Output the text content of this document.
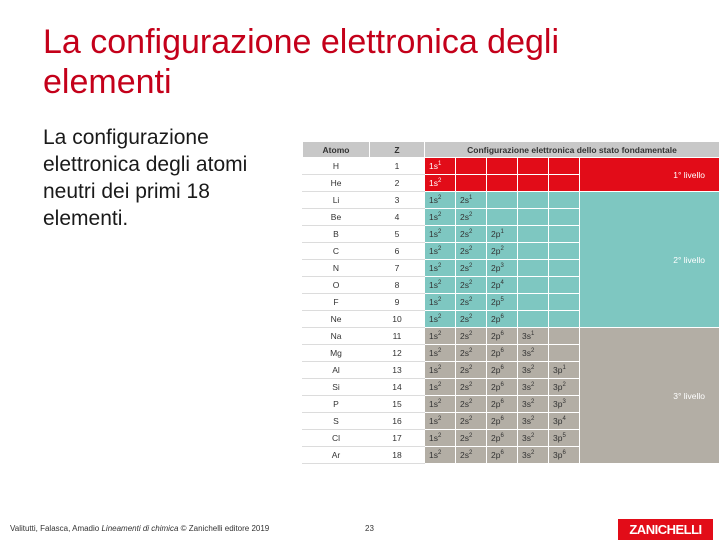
La configurazione elettronica degli elementi
La configurazione elettronica degli atomi neutri dei primi 18 elementi.
Atomo	Z	Configurazione elettronica dello stato fondamentale					
H	1	$1s^1$					1° livello
He	2	$1s^2$				
Li	3	$1s^2$	$2s^1$				2° livello
Be	4	$1s^2$	$2s^2$			
B	5	$1s^2$	$2s^2$	$2p^1$		
C	6	$1s^2$	$2s^2$	$2p^2$		
N	7	$1s^2$	$2s^2$	$2p^3$		
O	8	$1s^2$	$2s^2$	$2p^4$		
F	9	$1s^2$	$2s^2$	$2p^5$		
Ne	10	$1s^2$	$2s^2$	$2p^6$		
Na	11	$1s^2$	$2s^2$	$2p^6$	$3s^1$		3° livello
Mg	12	$1s^2$	$2s^2$	$2p^6$	$3s^2$	
Al	13	$1s^2$	$2s^2$	$2p^6$	$3s^2$	$3p^1$
Si	14	$1s^2$	$2s^2$	$2p^6$	$3s^2$	$3p^2$
P	15	$1s^2$	$2s^2$	$2p^6$	$3s^2$	$3p^3$
S	16	$1s^2$	$2s^2$	$2p^6$	$3s^2$	$3p^4$
Cl	17	$1s^2$	$2s^2$	$2p^6$	$3s^2$	$3p^5$
Ar	18	$1s^2$	$2s^2$	$2p^6$	$3s^2$	$3p^6$
Valitutti, Falasca, Amadio Lineamenti di chimica © Zanichelli editore 2019	23	ZANICHELLI
